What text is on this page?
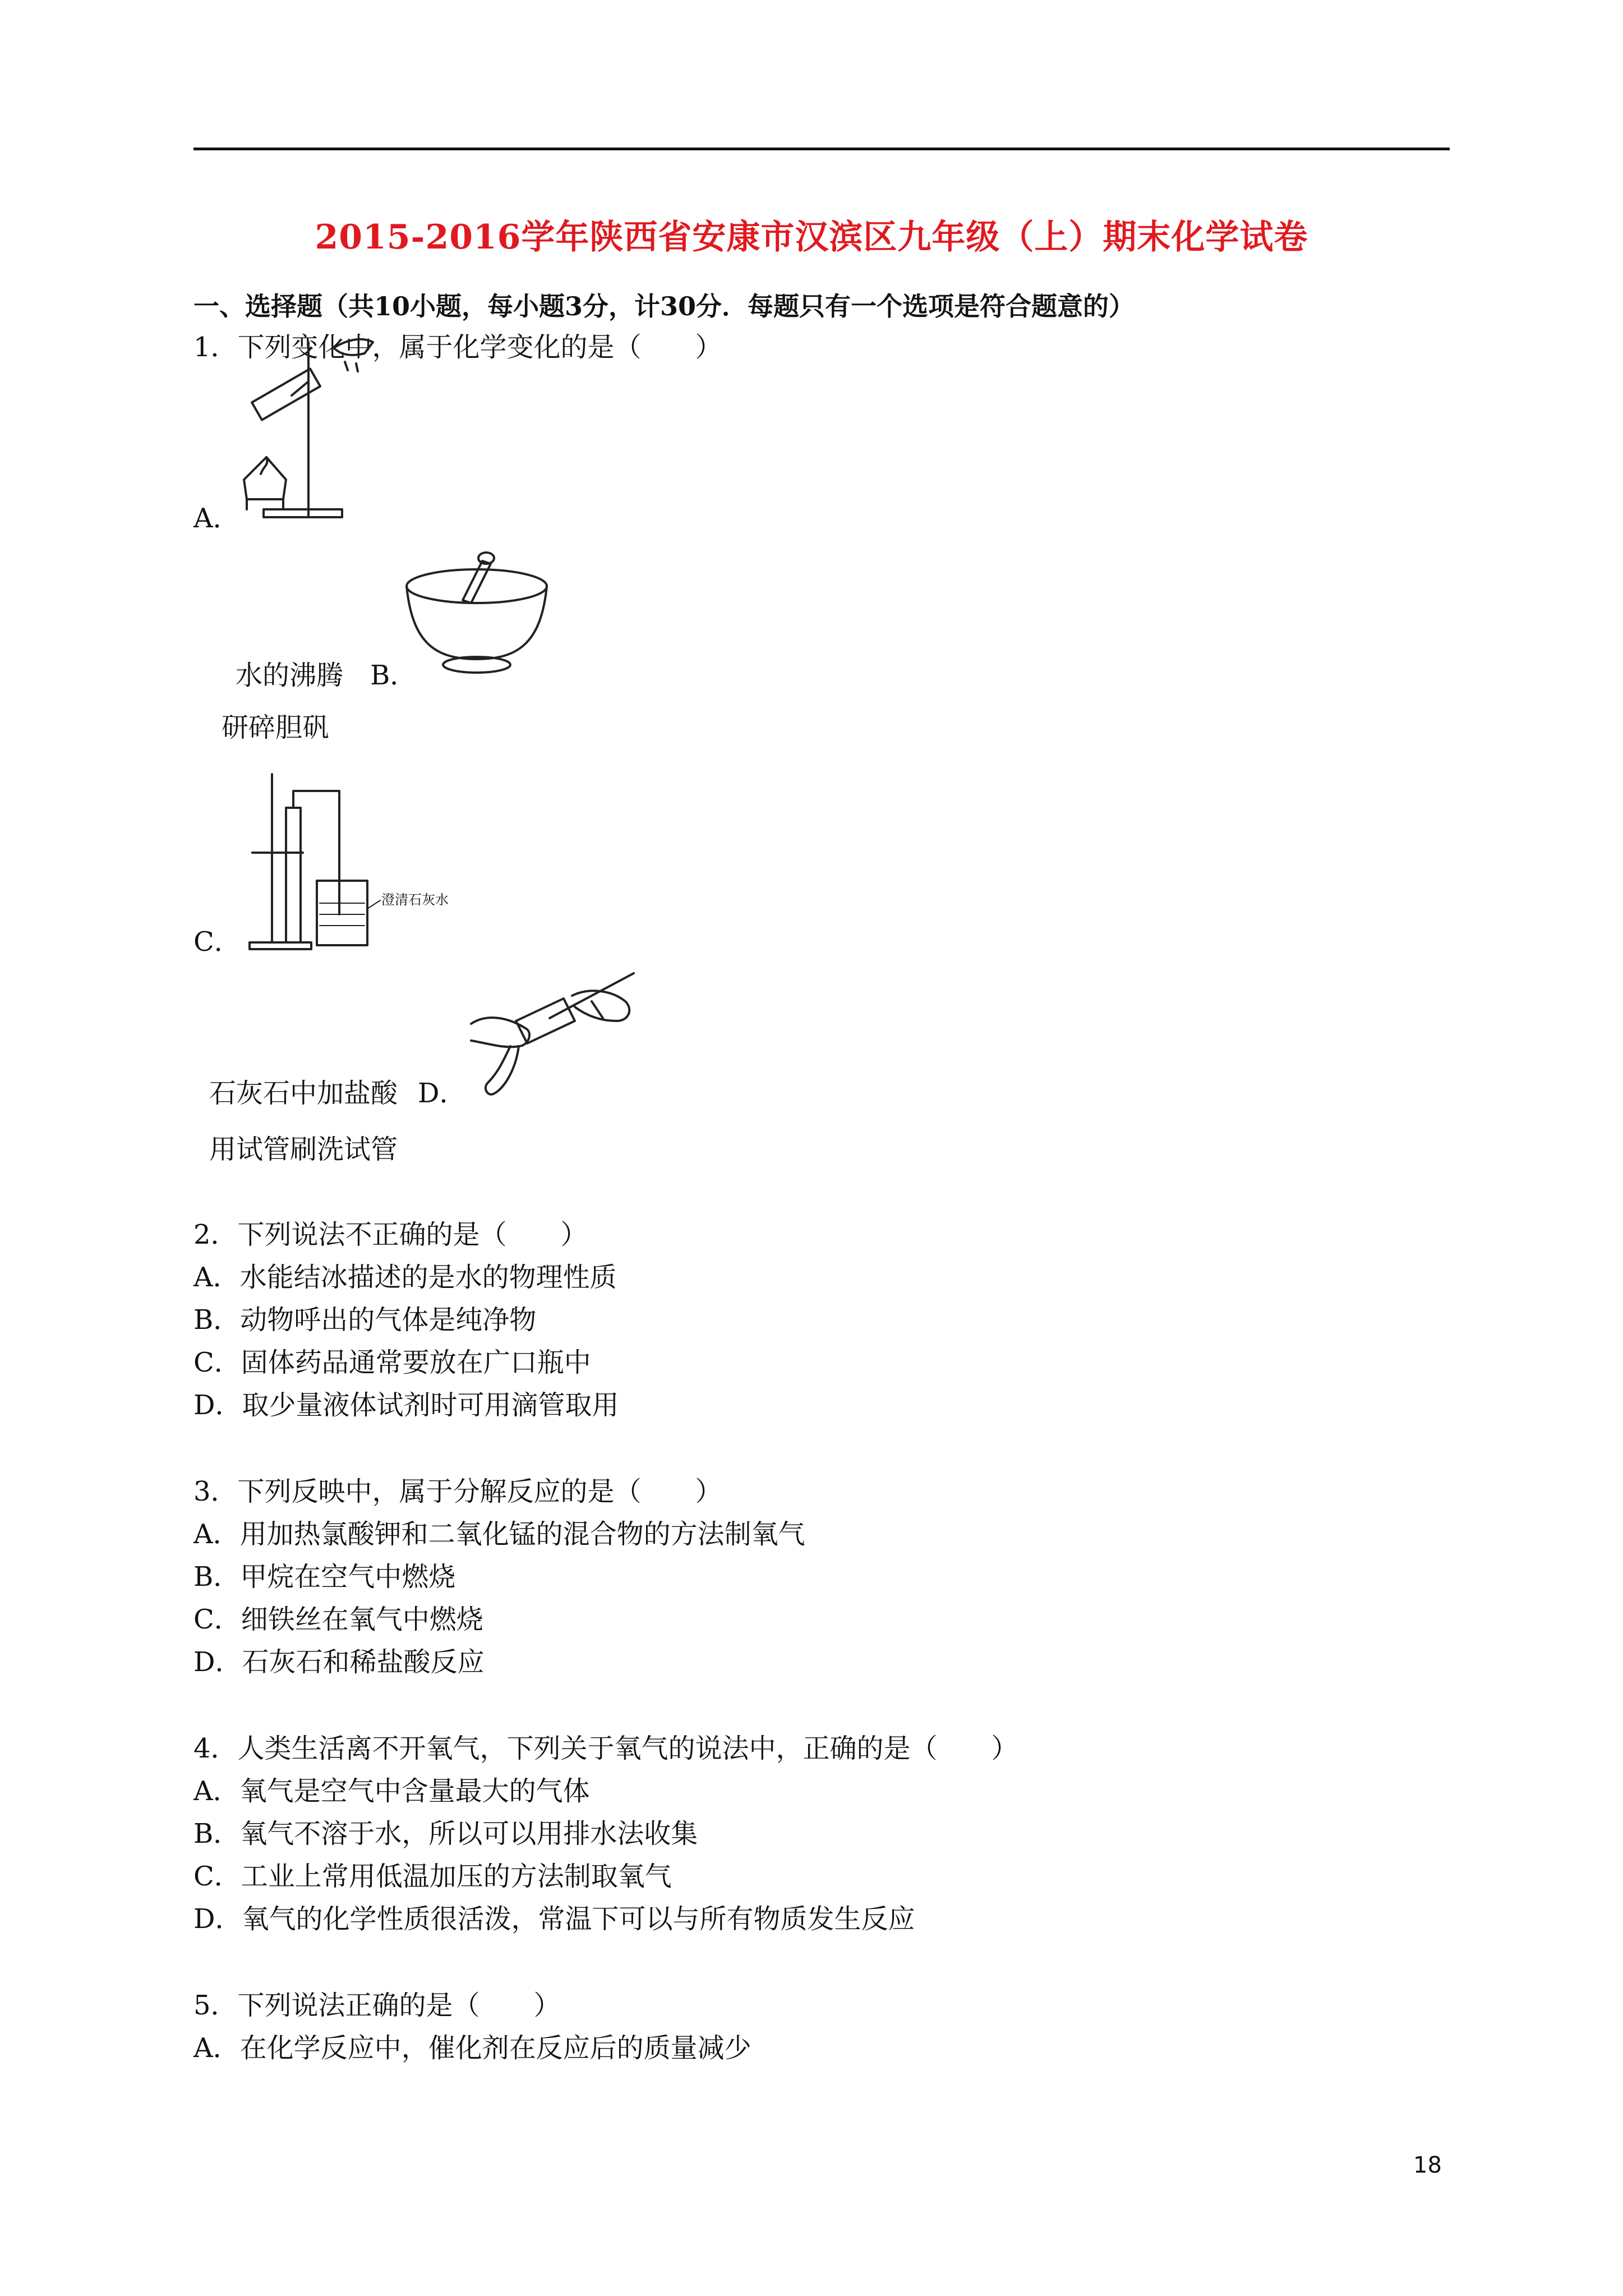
2015-2016学年陕西省安康市汉滨区九年级（上）期末化学试卷
一、选择题（共10小题，每小题3分，计30分．每题只有一个选项是符合题意的）
1．下列变化中，属于化学变化的是（　　）
A．
水的沸腾 B．
研碎胆矾
澄清石灰水
C．
石灰石中加盐酸 D．
用试管刷洗试管
2．下列说法不正确的是（　　）
A．水能结冰描述的是水的物理性质
B．动物呼出的气体是纯净物
C．固体药品通常要放在广口瓶中
D．取少量液体试剂时可用滴管取用
3．下列反映中，属于分解反应的是（　　）
A．用加热氯酸钾和二氧化锰的混合物的方法制氧气
B．甲烷在空气中燃烧
C．细铁丝在氧气中燃烧
D．石灰石和稀盐酸反应
4．人类生活离不开氧气，下列关于氧气的说法中，正确的是（　　）
A．氧气是空气中含量最大的气体
B．氧气不溶于水，所以可以用排水法收集
C．工业上常用低温加压的方法制取氧气
D．氧气的化学性质很活泼，常温下可以与所有物质发生反应
5．下列说法正确的是（　　）
A．在化学反应中，催化剂在反应后的质量减少
18
